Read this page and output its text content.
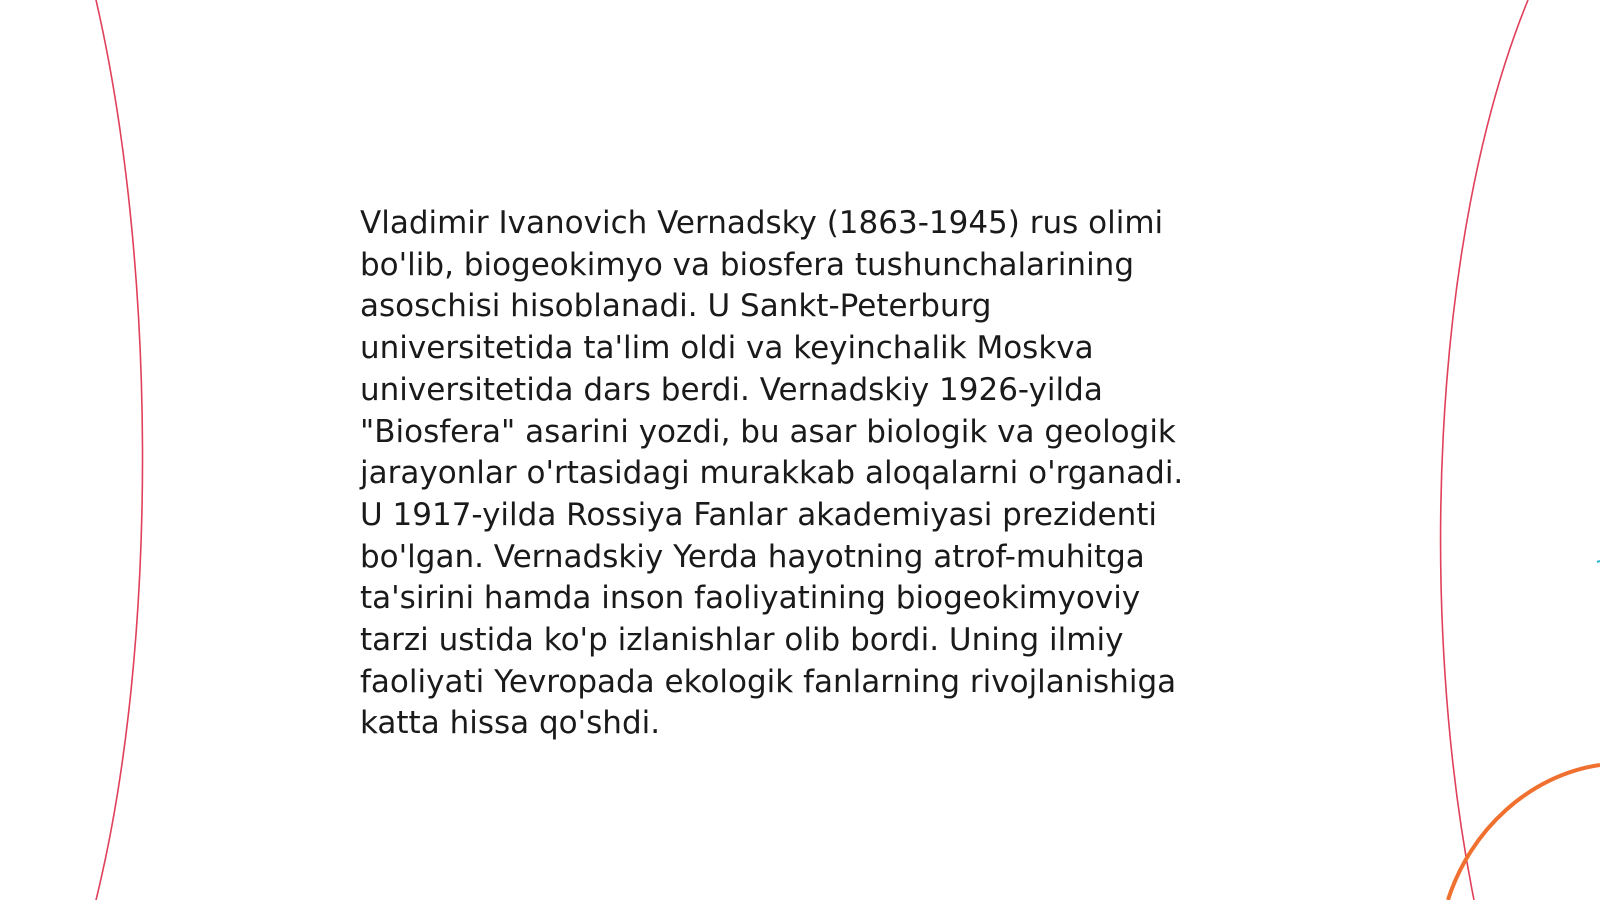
Vladimir Ivanovich Vernadsky (1863-1945) rus olimi
bo'lib, biogeokimyo va biosfera tushunchalarining
asoschisi hisoblanadi. U Sankt-Peterburg
universitetida ta'lim oldi va keyinchalik Moskva
universitetida dars berdi. Vernadskiy 1926-yilda
"Biosfera" asarini yozdi, bu asar biologik va geologik
jarayonlar o'rtasidagi murakkab aloqalarni o'rganadi.
U 1917-yilda Rossiya Fanlar akademiyasi prezidenti
bo'lgan. Vernadskiy Yerda hayotning atrof-muhitga
ta'sirini hamda inson faoliyatining biogeokimyoviy
tarzi ustida ko'p izlanishlar olib bordi. Uning ilmiy
faoliyati Yevropada ekologik fanlarning rivojlanishiga
katta hissa qo'shdi.
